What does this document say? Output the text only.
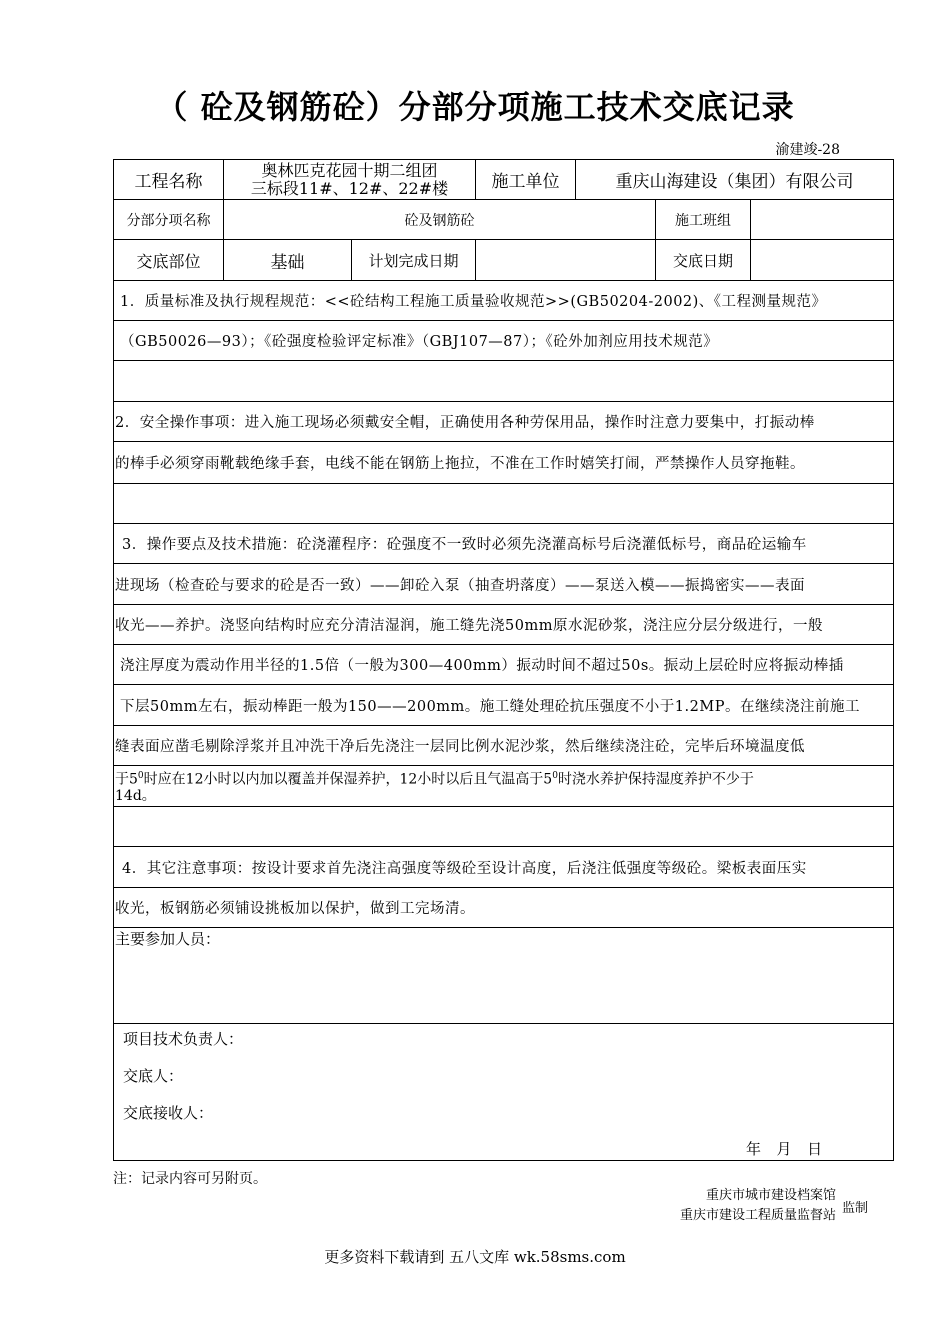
（ 砼及钢筋砼）分部分项施工技术交底记录
渝建竣-28
工程名称	奥林匹克花园十期二组团
三标段11#、12#、22#楼		施工单位	重庆山海建设（集团）有限公司		
分部分项名称	砼及钢筋砼				施工班组	
交底部位	基础	计划完成日期			交底日期	
1．质量标准及执行规程规范：<<砼结构工程施工质量验收规范>>(GB50204-2002)、《工程测量规范》						
（GB50026—93）；《砼强度检验评定标准》（GBJ107—87）；《砼外加剂应用技术规范》						

2．安全操作事项：进入施工现场必须戴安全帽，正确使用各种劳保用品，操作时注意力要集中，打振动棒						
的棒手必须穿雨靴载绝缘手套，电线不能在钢筋上拖拉，不准在工作时嬉笑打闹，严禁操作人员穿拖鞋。						

3．操作要点及技术措施：砼浇灌程序：砼强度不一致时必须先浇灌高标号后浇灌低标号，商品砼运输车						
进现场（检查砼与要求的砼是否一致）——卸砼入泵（抽查坍落度）——泵送入模——振捣密实——表面						
收光——养护。浇竖向结构时应充分清洁湿润，施工缝先浇50mm原水泥砂浆，浇注应分层分级进行，一般						
浇注厚度为震动作用半径的1.5倍（一般为300—400mm）振动时间不超过50s。振动上层砼时应将振动棒插						
下层50mm左右，振动棒距一般为150——200mm。施工缝处理砼抗压强度不小于1.2MP。在继续浇注前施工						
缝表面应凿毛剔除浮浆并且冲洗干净后先浇注一层同比例水泥沙浆，然后继续浇注砼，完毕后环境温度低						

于$5^0$时应在12小时以内加以覆盖并保湿养护，12小时以后且气温高于$5^0$时浇水养护保持湿度养护不少于
14d。						

4．其它注意事项：按设计要求首先浇注高强度等级砼至设计高度，后浇注低强度等级砼。梁板表面压实						
收光，板钢筋必须铺设挑板加以保护，做到工完场清。						

主要参加人员：						

项目技术负责人：
交底人：
交底接收人：
年  月  日						
注：记录内容可另附页。
重庆市城市建设档案馆
重庆市建设工程质量监督站 监制
更多资料下载请到 五八文库 wk.58sms.com
